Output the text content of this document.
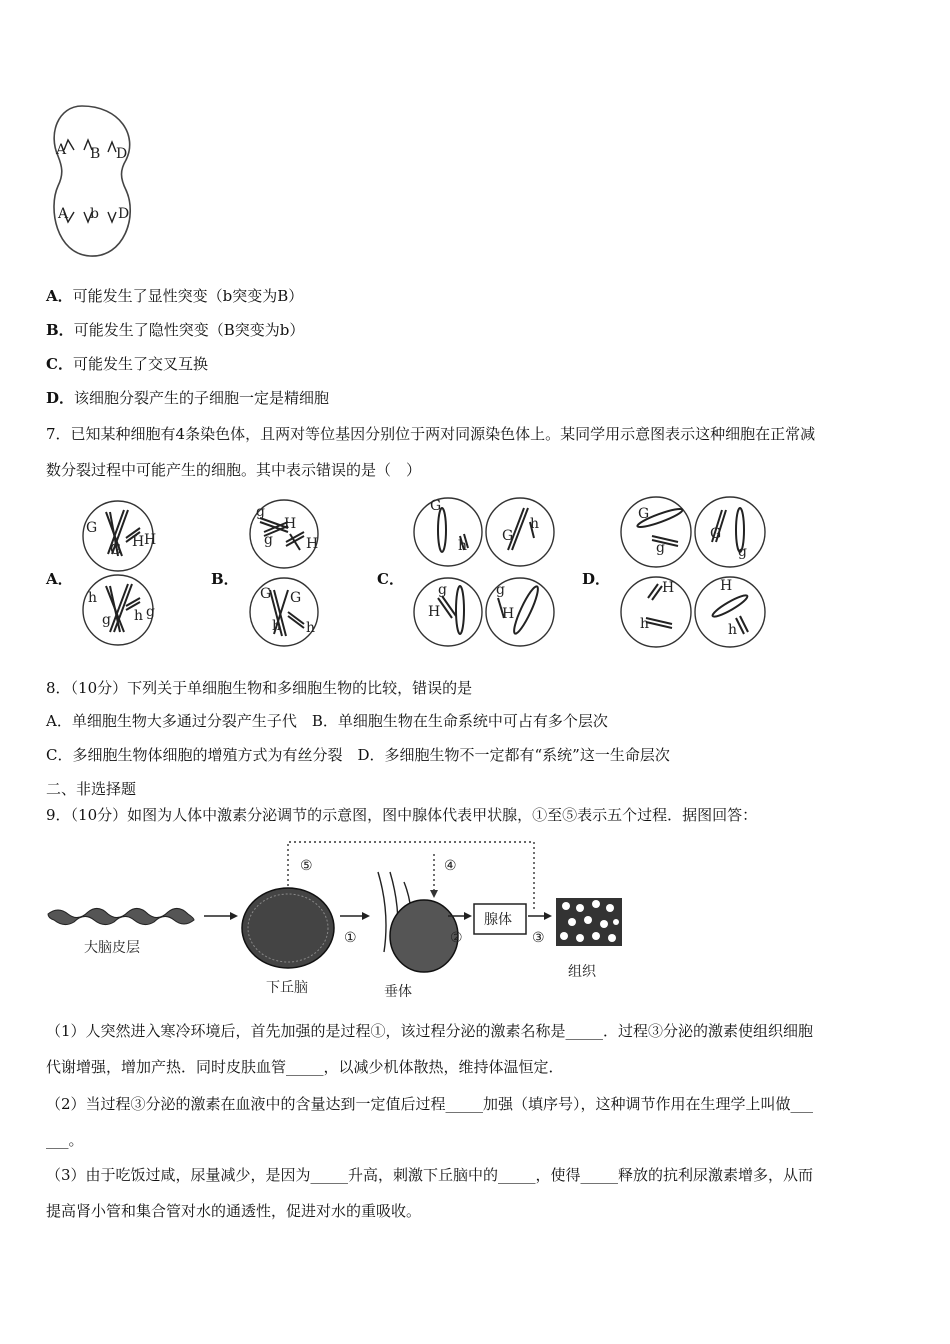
A B D
A b D
A．可能发生了显性突变（b突变为B）
B．可能发生了隐性突变（B突变为b）
C．可能发生了交叉互换
D．该细胞分裂产生的子细胞一定是精细胞
7．已知某种细胞有4条染色体，且两对等位基因分别位于两对同源染色体上。某同学用示意图表示这种细胞在正常减
数分裂过程中可能产生的细胞。其中表示错误的是（　）
A．	B．	C．	D．
G
G H H
h
g h g
g
H
g H
G G
h h
G
h
G
h
H
g	g
H
g
G
g
G
H
h
H
h
8．（10分）下列关于单细胞生物和多细胞生物的比较，错误的是
A．单细胞生物大多通过分裂产生子代　B．单细胞生物在生命系统中可占有多个层次
C．多细胞生物体细胞的增殖方式为有丝分裂　D．多细胞生物不一定都有“系统”这一生命层次
二、非选择题
9．（10分）如图为人体中激素分泌调节的示意图，图中腺体代表甲状腺，①至⑤表示五个过程．据图回答：
⑤	④
大脑皮层
下丘脑
①
垂体
②
腺体
③
组织
（1）人突然进入寒冷环境后，首先加强的是过程①，该过程分泌的激素名称是_____．过程③分泌的激素使组织细胞
代谢增强，增加产热．同时皮肤血管_____，以减少机体散热，维持体温恒定．
（2）当过程③分泌的激素在血液中的含量达到一定值后过程_____加强（填序号），这种调节作用在生理学上叫做___
___。
（3）由于吃饭过咸，尿量减少，是因为_____升高，刺激下丘脑中的_____，使得_____释放的抗利尿激素增多，从而
提高肾小管和集合管对水的通透性，促进对水的重吸收。
